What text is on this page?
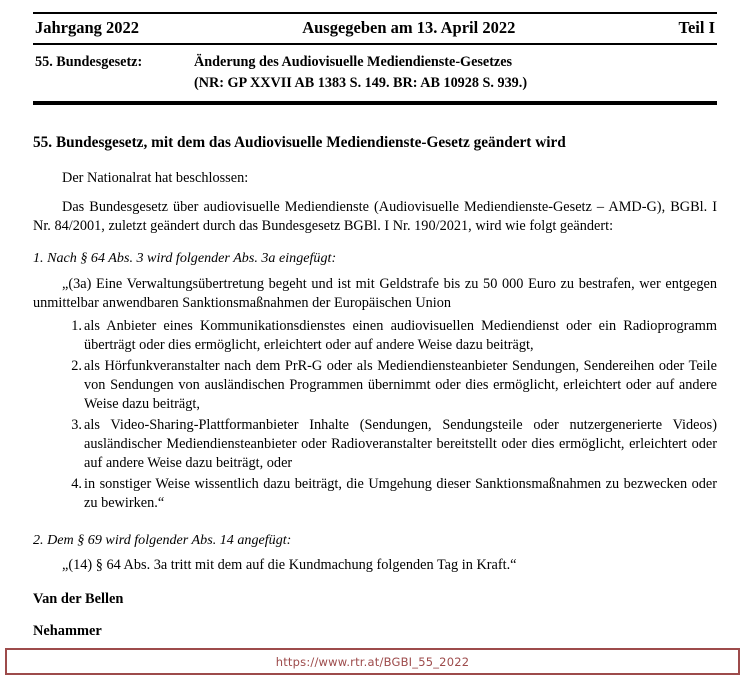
Jahrgang 2022	Ausgegeben am 13. April 2022	Teil I
55. Bundesgesetz:	Änderung des Audiovisuelle Mediendienste-Gesetzes
(NR: GP XXVII AB 1383 S. 149. BR: AB 10928 S. 939.)
55. Bundesgesetz, mit dem das Audiovisuelle Mediendienste-Gesetz geändert wird

Der Nationalrat hat beschlossen:

Das Bundesgesetz über audiovisuelle Mediendienste (Audiovisuelle Mediendienste-Gesetz – AMD-G), BGBl. I Nr. 84/2001, zuletzt geändert durch das Bundesgesetz BGBl. I Nr. 190/2021, wird wie folgt geändert:

1. Nach § 64 Abs. 3 wird folgender Abs. 3a eingefügt:

„(3a) Eine Verwaltungsübertretung begeht und ist mit Geldstrafe bis zu 50 000 Euro zu bestrafen, wer entgegen unmittelbar anwendbaren Sanktionsmaßnahmen der Europäischen Union

1. als Anbieter eines Kommunikationsdienstes einen audiovisuellen Mediendienst oder ein Radioprogramm überträgt oder dies ermöglicht, erleichtert oder auf andere Weise dazu beiträgt,
2. als Hörfunkveranstalter nach dem PrR-G oder als Mediendiensteanbieter Sendungen, Sendereihen oder Teile von Sendungen von ausländischen Programmen übernimmt oder dies ermöglicht, erleichtert oder auf andere Weise dazu beiträgt,
3. als Video-Sharing-Plattformanbieter Inhalte (Sendungen, Sendungsteile oder nutzergenerierte Videos) ausländischer Mediendiensteanbieter oder Radioveranstalter bereitstellt oder dies ermöglicht, erleichtert oder auf andere Weise dazu beiträgt, oder
4. in sonstiger Weise wissentlich dazu beiträgt, die Umgehung dieser Sanktionsmaßnahmen zu bezwecken oder zu bewirken.“

2. Dem § 69 wird folgender Abs. 14 angefügt:

„(14) § 64 Abs. 3a tritt mit dem auf die Kundmachung folgenden Tag in Kraft.“

Van der Bellen

Nehammer

https://www.rtr.at/BGBI_55_2022
